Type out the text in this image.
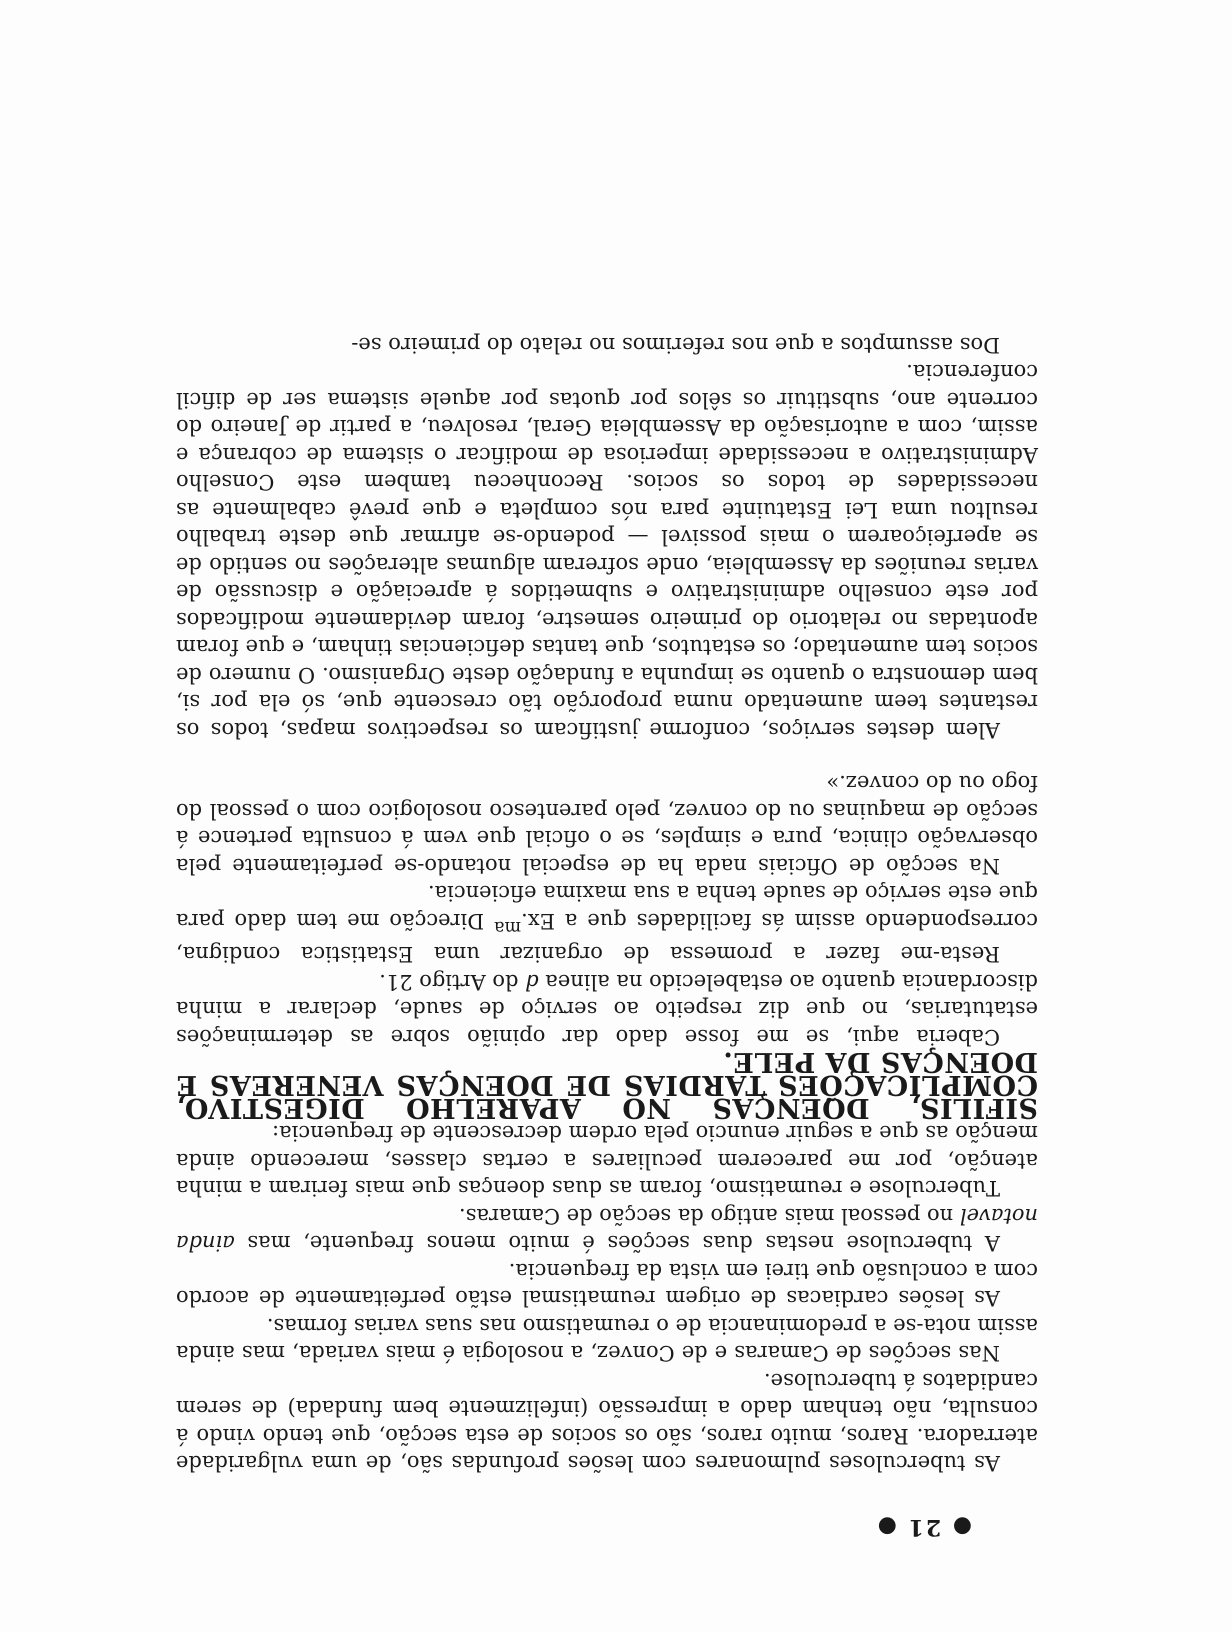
● 21 ●

As tuberculoses pulmonares com lesões profundas são, de uma vulgaridade aterradora. Raros, muito raros, são os socios de esta secção, que tendo vindo á consulta, não tenham dado a impressão (infelizmente bem fundada) de serem candidatos á tuberculose.

Nas secções de Camaras e de Convez, a nosologia é mais variada, mas ainda assim nota-se a predominancia de o reumatismo nas suas varias formas.

As lesões cardiacas de origem reumatismal estão perfeitamente de acordo com a conclusão que tirei em vista da frequencia.

A tuberculose nestas duas secções é muito menos frequente, mas ainda notavel no pessoal mais antigo da secção de Camaras.

Tuberculose e reumatismo, foram as duas doenças que mais feriram a minha atenção, por me parecerem peculiares a certas classes, merecendo ainda menção as que a seguir enuncio pela ordem decrescente de frequencia:

SIFILIS, DOENÇAS NO APARELHO DIGESTIVO, COMPLICAÇÕES TARDIAS DE DOENÇAS VENEREAS E DOENÇAS DA PELE.

Caberia aqui, se me fosse dado dar opinião sobre as determinações estatutarias, no que diz respeito ao serviço de saude, declarar a minha discordancia quanto ao estabelecido na alinea d do Artigo 21.

Resta-me fazer a promessa de organizar uma Estatistica condigna, correspondendo assim ás facilidades que a Ex.$^{ma}$ Direcção me tem dado para que este serviço de saude tenha a sua maxima eficiencia.

Na secção de Oficiais nada ha de especial notando-se perfeitamente pela observação clinica, pura e simples, se o oficial que vem á consulta pertence á secção de maquinas ou do convez, pelo parentesco nosologico com o pessoal do fogo ou do convez.»

Alem destes serviços, conforme justificam os respectivos mapas, todos os restantes teem aumentado numa proporção tão crescente que, só ela por si, bem demonstra o quanto se impunha a fundação deste Organismo. O numero de socios tem aumentado; os estatutos, que tantas deficiencias tinham, e que foram apontadas no relatorio do primeiro semestre, foram devidamente modificados por este conselho administrativo e submetidos á apreciação e discussão de varias reuniões da Assembleia, onde sofreram algumas alterações no sentido de se aperfeiçoarem o mais possivel — podendo-se afirmar que deste trabalho resultou uma Lei Estatuinte para nós completa e que prevê cabalmente as necessidades de todos os socios. Reconheceu tambem este Conselho Administrativo a necessidade imperiosa de modificar o sistema de cobrança e assim, com a autorisação da Assembleia Geral, resolveu, a partir de Janeiro do corrente ano, substituir os sêlos por quotas por aquele sistema ser de dificil conferencia.

Dos assumptos a que nos referimos no relato do primeiro se-
